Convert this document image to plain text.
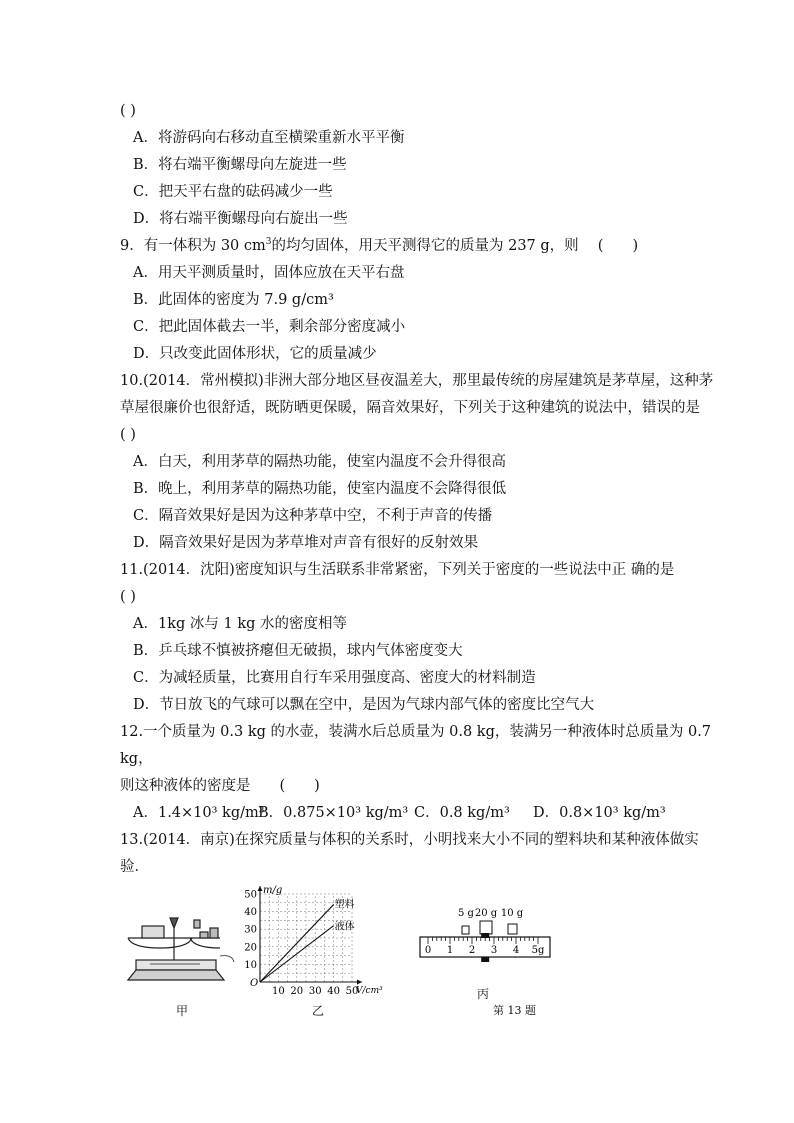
( )
A．将游码向右移动直至横梁重新水平平衡
B．将右端平衡螺母向左旋进一些
C．把天平右盘的砝码减少一些
D．将右端平衡螺母向右旋出一些
9．有一体积为 30 $cm^3$的均匀固体，用天平测得它的质量为 237 g，则　 (　　)
A．用天平测质量时，固体应放在天平右盘
B．此固体的密度为 7.9 g/cm³
C．把此固体截去一半，剩余部分密度减小
D．只改变此固体形状，它的质量减少
10.(2014．常州模拟)非洲大部分地区昼夜温差大，那里最传统的房屋建筑是茅草屋，这种茅
草屋很廉价也很舒适，既防晒更保暖，隔音效果好，下列关于这种建筑的说法中，错误的是
( )
A．白天，利用茅草的隔热功能，使室内温度不会升得很高
B．晚上，利用茅草的隔热功能，使室内温度不会降得很低
C．隔音效果好是因为这种茅草中空，不利于声音的传播
D．隔音效果好是因为茅草堆对声音有很好的反射效果
11.(2014．沈阳)密度知识与生活联系非常紧密，下列关于密度的一些说法中正 确的是
( )
A．1kg 冰与 1 kg 水的密度相等
B．乒乓球不慎被挤瘪但无破损，球内气体密度变大
C．为减轻质量，比赛用自行车采用强度高、密度大的材料制造
D．节日放飞的气球可以飘在空中，是因为气球内部气体的密度比空气大
12.一个质量为 0.3 kg 的水壶，装满水后总质量为 0.8 kg，装满另一种液体时总质量为 0.7
kg，
则这种液体的密度是　　(　　)
A．1.4×10³ kg/m³
B．0.875×10³ kg/m³ C．0.8 kg/m³ D．0.8×10³ kg/m³
13.(2014．南京)在探究质量与体积的关系时，小明找来大小不同的塑料块和某种液体做实
验．
甲
10
20
30
40
50
10 20 30 40 50
O
m/g
V/cm³
塑料
液体
乙
5 g 20 g 10 g
0 1 2 3 4 5g
丙
第 13 题
